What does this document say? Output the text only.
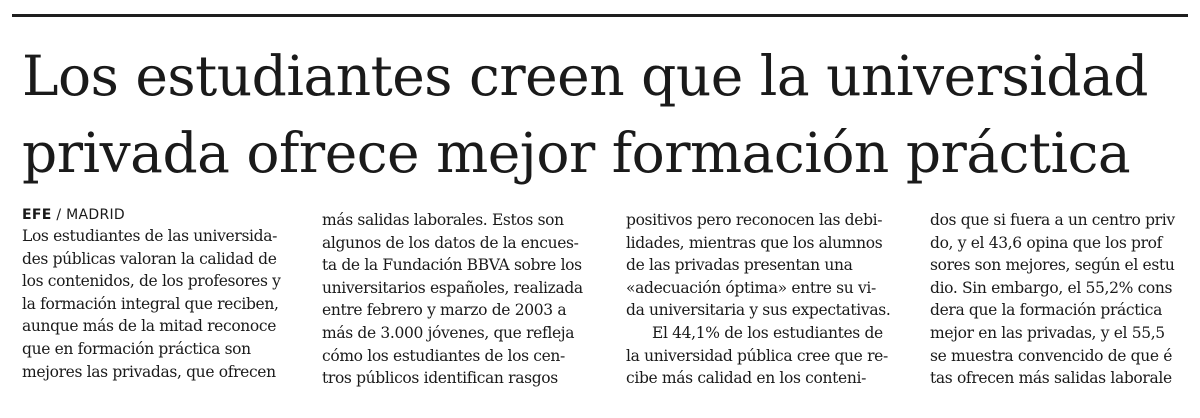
Los estudiantes creen que la universidad
privada ofrece mejor formación práctica
EFE / MADRID
Los estudiantes de las universida-
des públicas valoran la calidad de
los contenidos, de los profesores y
la formación integral que reciben,
aunque más de la mitad reconoce
que en formación práctica son
mejores las privadas, que ofrecen
más salidas laborales. Estos son
algunos de los datos de la encues-
ta de la Fundación BBVA sobre los
universitarios españoles, realizada
entre febrero y marzo de 2003 a
más de 3.000 jóvenes, que refleja
cómo los estudiantes de los cen-
tros públicos identifican rasgos
positivos pero reconocen las debi-
lidades, mientras que los alumnos
de las privadas presentan una
«adecuación óptima» entre su vi-
da universitaria y sus expectativas.
El 44,1% de los estudiantes de
la universidad pública cree que re-
cibe más calidad en los conteni-
dos que si fuera a un centro priv
do, y el 43,6 opina que los prof
sores son mejores, según el estu
dio. Sin embargo, el 55,2% cons
dera que la formación práctica
mejor en las privadas, y el 55,5
se muestra convencido de que é
tas ofrecen más salidas laborale
